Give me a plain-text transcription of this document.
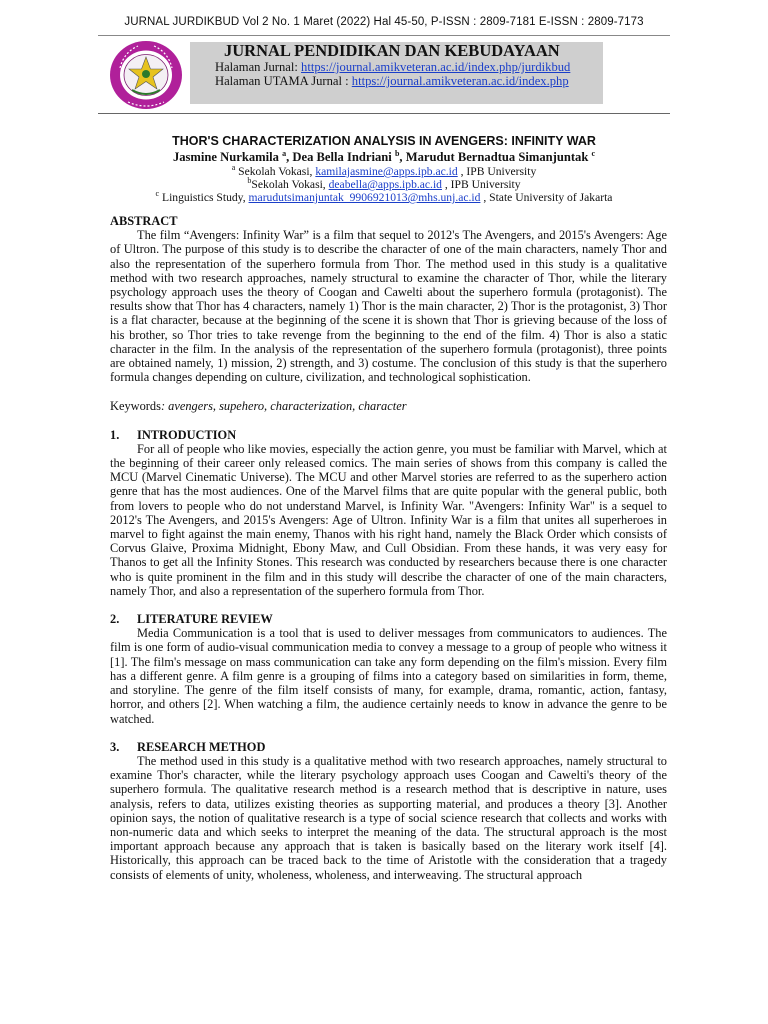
JURNAL JURDIKBUD Vol 2 No. 1 Maret (2022) Hal 45-50, P-ISSN : 2809-7181 E-ISSN : 2809-7173
JURNAL PENDIDIKAN DAN KEBUDAYAAN
Halaman Jurnal: https://journal.amikveteran.ac.id/index.php/jurdikbud
Halaman UTAMA Jurnal : https://journal.amikveteran.ac.id/index.php
THOR'S CHARACTERIZATION ANALYSIS IN AVENGERS: INFINITY WAR
Jasmine Nurkamila $^a$, Dea Bella Indriani $^b$, Marudut Bernadtua Simanjuntak $^c$
$^a$ Sekolah Vokasi, kamilajasmine@apps.ipb.ac.id , IPB University
$^b$Sekolah Vokasi, deabella@apps.ipb.ac.id , IPB University
$^c$ Linguistics Study, marudutsimanjuntak_9906921013@mhs.unj.ac.id , State University of Jakarta

ABSTRACT

The film “Avengers: Infinity War” is a film that sequel to 2012's The Avengers, and 2015's Avengers: Age of Ultron. The purpose of this study is to describe the character of one of the main characters, namely Thor and also the representation of the superhero formula from Thor. The method used in this study is a qualitative method with two research approaches, namely structural to examine the character of Thor, while the literary psychology approach uses the theory of Coogan and Cawelti about the superhero formula (protagonist). The results show that Thor has 4 characters, namely 1) Thor is the main character, 2) Thor is the protagonist, 3) Thor is a flat character, because at the beginning of the scene it is shown that Thor is grieving because of the loss of his brother, so Thor tries to take revenge from the beginning to the end of the film. 4) Thor is also a static character in the film. In the analysis of the representation of the superhero formula (protagonist), three points are obtained namely, 1) mission, 2) strength, and 3) costume. The conclusion of this study is that the superhero formula changes depending on culture, civilization, and technological sophistication.

Keywords: avengers, supehero, characterization, character

1.	INTRODUCTION

For all of people who like movies, especially the action genre, you must be familiar with Marvel, which at the beginning of their career only released comics. The main series of shows from this company is called the MCU (Marvel Cinematic Universe). The MCU and other Marvel stories are referred to as the superhero action genre that has the most audiences. One of the Marvel films that are quite popular with the general public, both from lovers to people who do not understand Marvel, is Infinity War. "Avengers: Infinity War" is a sequel to 2012's The Avengers, and 2015's Avengers: Age of Ultron. Infinity War is a film that unites all superheroes in marvel to fight against the main enemy, Thanos with his right hand, namely the Black Order which consists of Corvus Glaive, Proxima Midnight, Ebony Maw, and Cull Obsidian. From these hands, it was very easy for Thanos to get all the Infinity Stones. This research was conducted by researchers because there is one character who is quite prominent in the film and in this study will describe the character of one of the main characters, namely Thor, and also a representation of the superhero formula from Thor.

2.	LITERATURE REVIEW

Media Communication is a tool that is used to deliver messages from communicators to audiences. The film is one form of audio-visual communication media to convey a message to a group of people who witness it [1]. The film's message on mass communication can take any form depending on the film's mission. Every film has a different genre. A film genre is a grouping of films into a category based on similarities in form, theme, and storyline. The genre of the film itself consists of many, for example, drama, romantic, action, fantasy, horror, and others [2]. When watching a film, the audience certainly needs to know in advance the genre to be watched.

3.	RESEARCH METHOD

The method used in this study is a qualitative method with two research approaches, namely structural to examine Thor's character, while the literary psychology approach uses Coogan and Cawelti's theory of the superhero formula. The qualitative research method is a research method that is descriptive in nature, uses analysis, refers to data, utilizes existing theories as supporting material, and produces a theory [3]. Another opinion says, the notion of qualitative research is a type of social science research that collects and works with non-numeric data and which seeks to interpret the meaning of the data. The structural approach is the most important approach because any approach that is taken is basically based on the literary work itself [4]. Historically, this approach can be traced back to the time of Aristotle with the consideration that a tragedy consists of elements of unity, wholeness, wholeness, and interweaving. The structural approach
